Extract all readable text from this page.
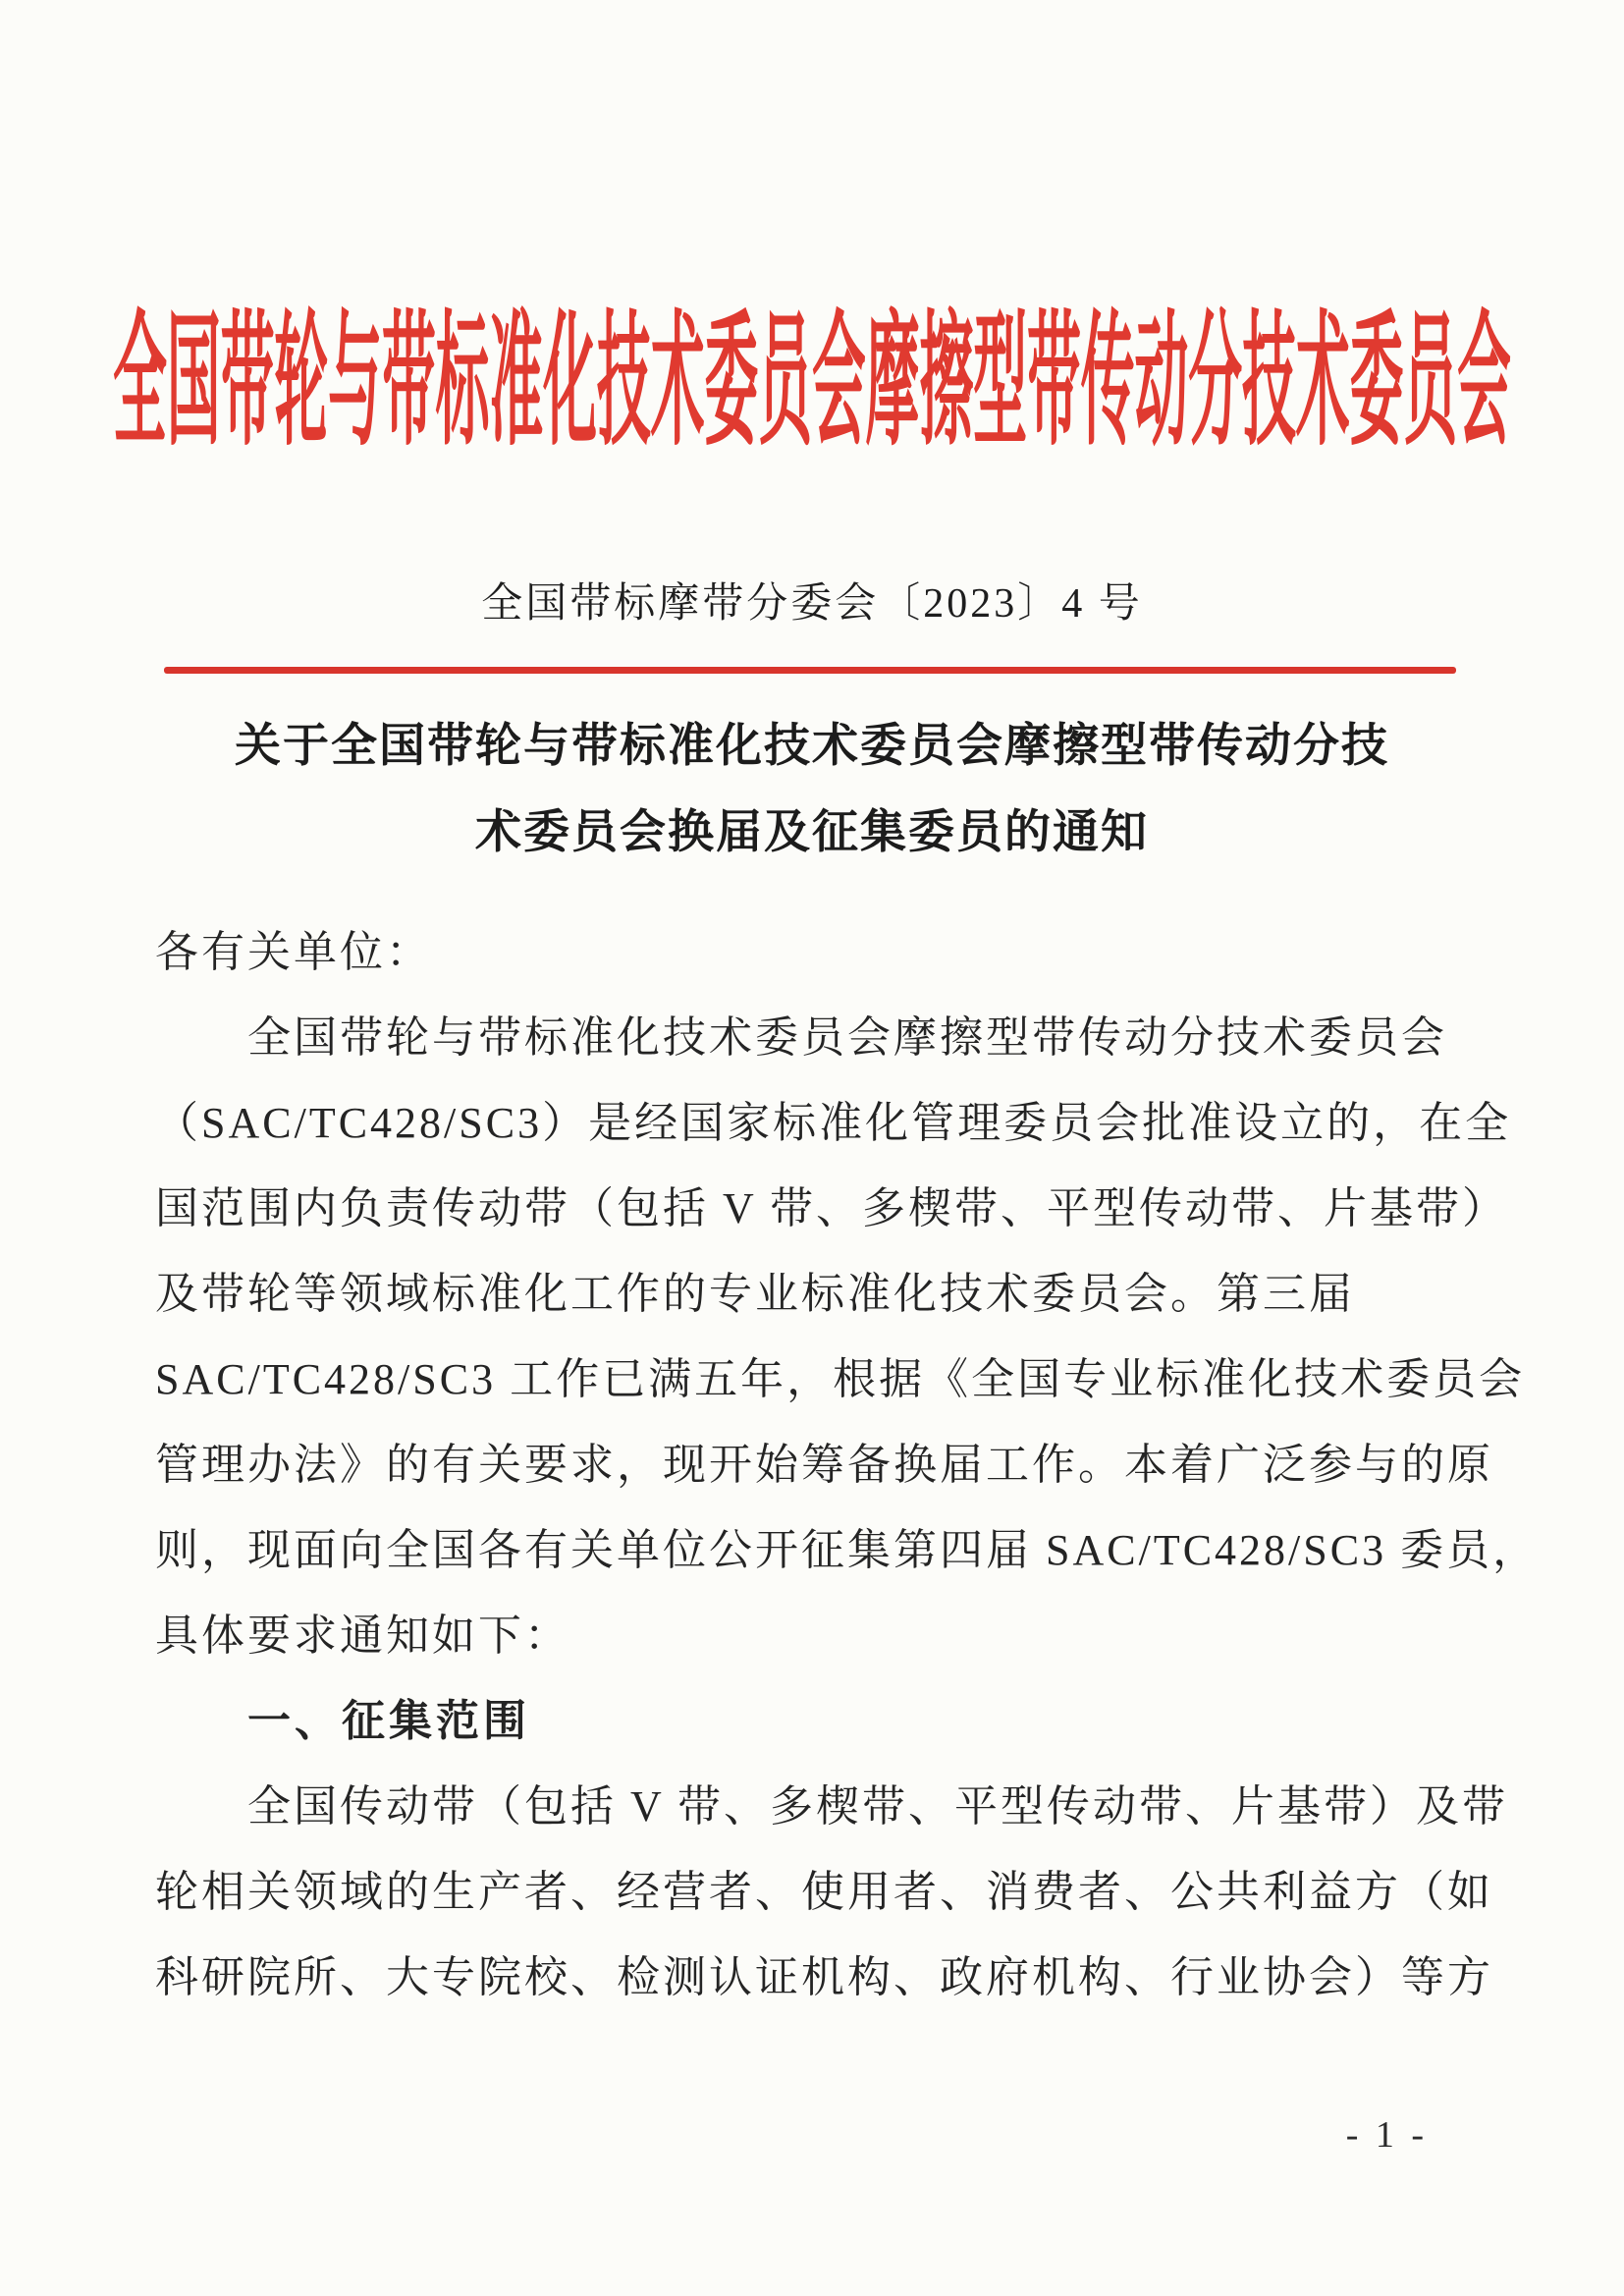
全国带轮与带标准化技术委员会摩擦型带传动分技术委员会
全国带标摩带分委会〔2023〕4 号
关于全国带轮与带标准化技术委员会摩擦型带传动分技
术委员会换届及征集委员的通知
各有关单位：
全国带轮与带标准化技术委员会摩擦型带传动分技术委员会
（SAC/TC428/SC3）是经国家标准化管理委员会批准设立的，在全
国范围内负责传动带（包括 V 带、多楔带、平型传动带、片基带）
及带轮等领域标准化工作的专业标准化技术委员会。第三届
SAC/TC428/SC3 工作已满五年，根据《全国专业标准化技术委员会
管理办法》的有关要求，现开始筹备换届工作。本着广泛参与的原
则，现面向全国各有关单位公开征集第四届 SAC/TC428/SC3 委员，
具体要求通知如下：
一、征集范围
全国传动带（包括 V 带、多楔带、平型传动带、片基带）及带
轮相关领域的生产者、经营者、使用者、消费者、公共利益方（如
科研院所、大专院校、检测认证机构、政府机构、行业协会）等方
- 1 -
